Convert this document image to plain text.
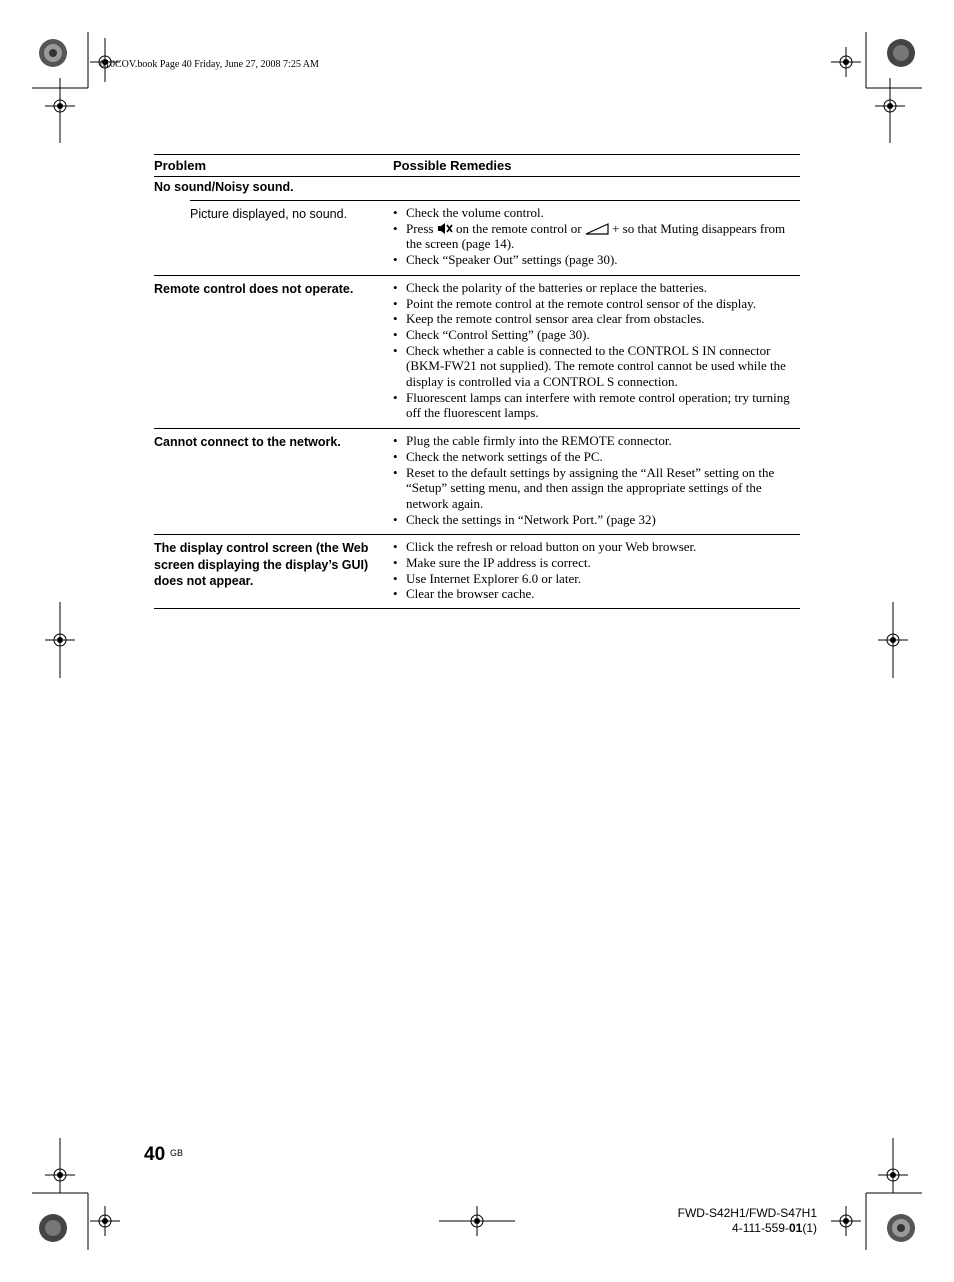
010COV.book Page 40 Friday, June 27, 2008 7:25 AM
Problem	Possible Remedies
No sound/Noisy sound.
Picture displayed, no sound.	• Check the volume control.
• Press  on the remote control or  + so that Muting disappears from the screen (page 14).
• Check “Speaker Out” settings (page 30).
Remote control does not operate.	• Check the polarity of the batteries or replace the batteries.
• Point the remote control at the remote control sensor of the display.
• Keep the remote control sensor area clear from obstacles.
• Check “Control Setting” (page 30).
• Check whether a cable is connected to the CONTROL S IN connector (BKM-FW21 not supplied). The remote control cannot be used while the display is controlled via a CONTROL S connection.
• Fluorescent lamps can interfere with remote control operation; try turning off the fluorescent lamps.
Cannot connect to the network.	• Plug the cable firmly into the REMOTE connector.
• Check the network settings of the PC.
• Reset to the default settings by assigning the “All Reset” setting on the “Setup” setting menu, and then assign the appropriate settings of the network again.
• Check the settings in “Network Port.” (page 32)
The display control screen (the Web screen displaying the display’s GUI) does not appear.
• Click the refresh or reload button on your Web browser.
• Make sure the IP address is correct.
• Use Internet Explorer 6.0 or later.
• Clear the browser cache.
40 GB
FWD-S42H1/FWD-S47H1
4-111-559-01(1)
